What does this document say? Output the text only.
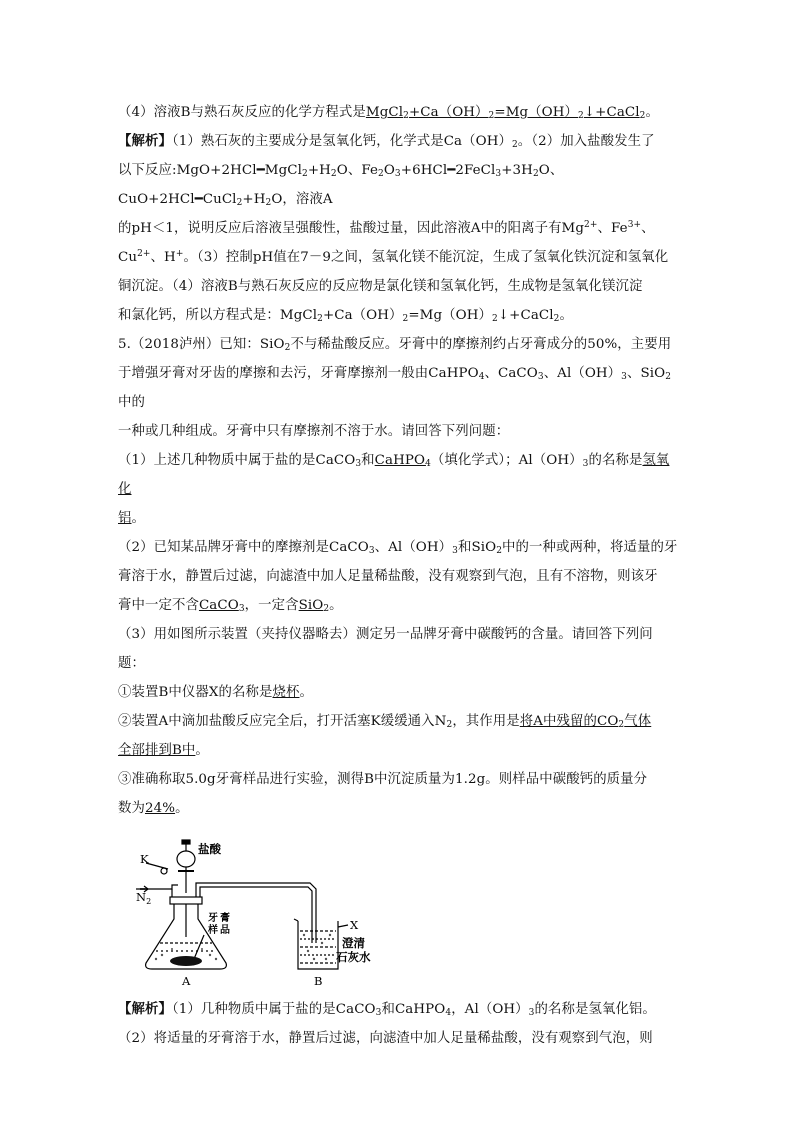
（4）溶液B与熟石灰反应的化学方程式是$MgCl_2+Ca(OH)_2=Mg(OH)_2↓+CaCl_2$。

【解析】（1）熟石灰的主要成分是氢氧化钙，化学式是$Ca(OH)_2$。（2）加入盐酸发生了

以下反应$:MgO+2HCl━MgCl_2+H_2O$、$Fe_2O_3+6HCl━2FeCl_3+3H_2O$、$CuO+2HCl━CuCl_2+H_2O$，溶液A

的pH＜1，说明反应后溶液呈强酸性，盐酸过量，因此溶液A中的阳离子有$Mg^{2+}$、$Fe^{3+}$、

$Cu^{2+}$、H+。（3）控制pH值在7－9之间，氢氧化镁不能沉淀，生成了氢氧化铁沉淀和氢氧化

铜沉淀。（4）溶液B与熟石灰反应的反应物是氯化镁和氢氧化钙，生成物是氢氧化镁沉淀

和氯化钙，所以方程式是：$MgCl_2+Ca(OH)_2=Mg(OH)_2↓+CaCl_2$。

5.（2018泸州）已知：SiO$_2$不与稀盐酸反应。牙膏中的摩擦剂约占牙膏成分的50%，主要用

于增强牙膏对牙齿的摩擦和去污，牙膏摩擦剂一般由CaHPO$_4$、CaCO$_3$、$Al(OH)_3$、SiO$_2$中的

一种或几种组成。牙膏中只有摩擦剂不溶于水。请回答下列问题：

（1）上述几种物质中属于盐的是CaCO$_3$和CaHPO$_4$（填化学式）；$Al(OH)_3$的名称是氢氧化

铝。

（2）已知某品牌牙膏中的摩擦剂是CaCO$_3$、$Al(OH)_3$和SiO$_2$中的一种或两种，将适量的牙

膏溶于水，静置后过滤，向滤渣中加人足量稀盐酸，没有观察到气泡，且有不溶物，则该牙

膏中一定不含CaCO$_3$，一定含SiO$_2$。

（3）用如图所示装置（夹持仪器略去）测定另一品牌牙膏中碳酸钙的含量。请回答下列问

题：

①装置B中仪器X的名称是烧杯。

②装置A中滴加盐酸反应完全后，打开活塞K缓缓通入$N_2$，其作用是将A中残留的$CO_2$气体

全部排到B中。

③准确称取5.0g牙膏样品进行实验，测得B中沉淀质量为1.2g。则样品中碳酸钙的质量分

数为24%。

盐酸
K
$N_2$
牙 膏
样 品	X
澄清
石灰水
A	B

【解析】（1）几种物质中属于盐的是CaCO$_3$和CaHPO$_4$，$Al(OH)_3$的名称是氢氧化铝。

（2）将适量的牙膏溶于水，静置后过滤，向滤渣中加人足量稀盐酸，没有观察到气泡，则
